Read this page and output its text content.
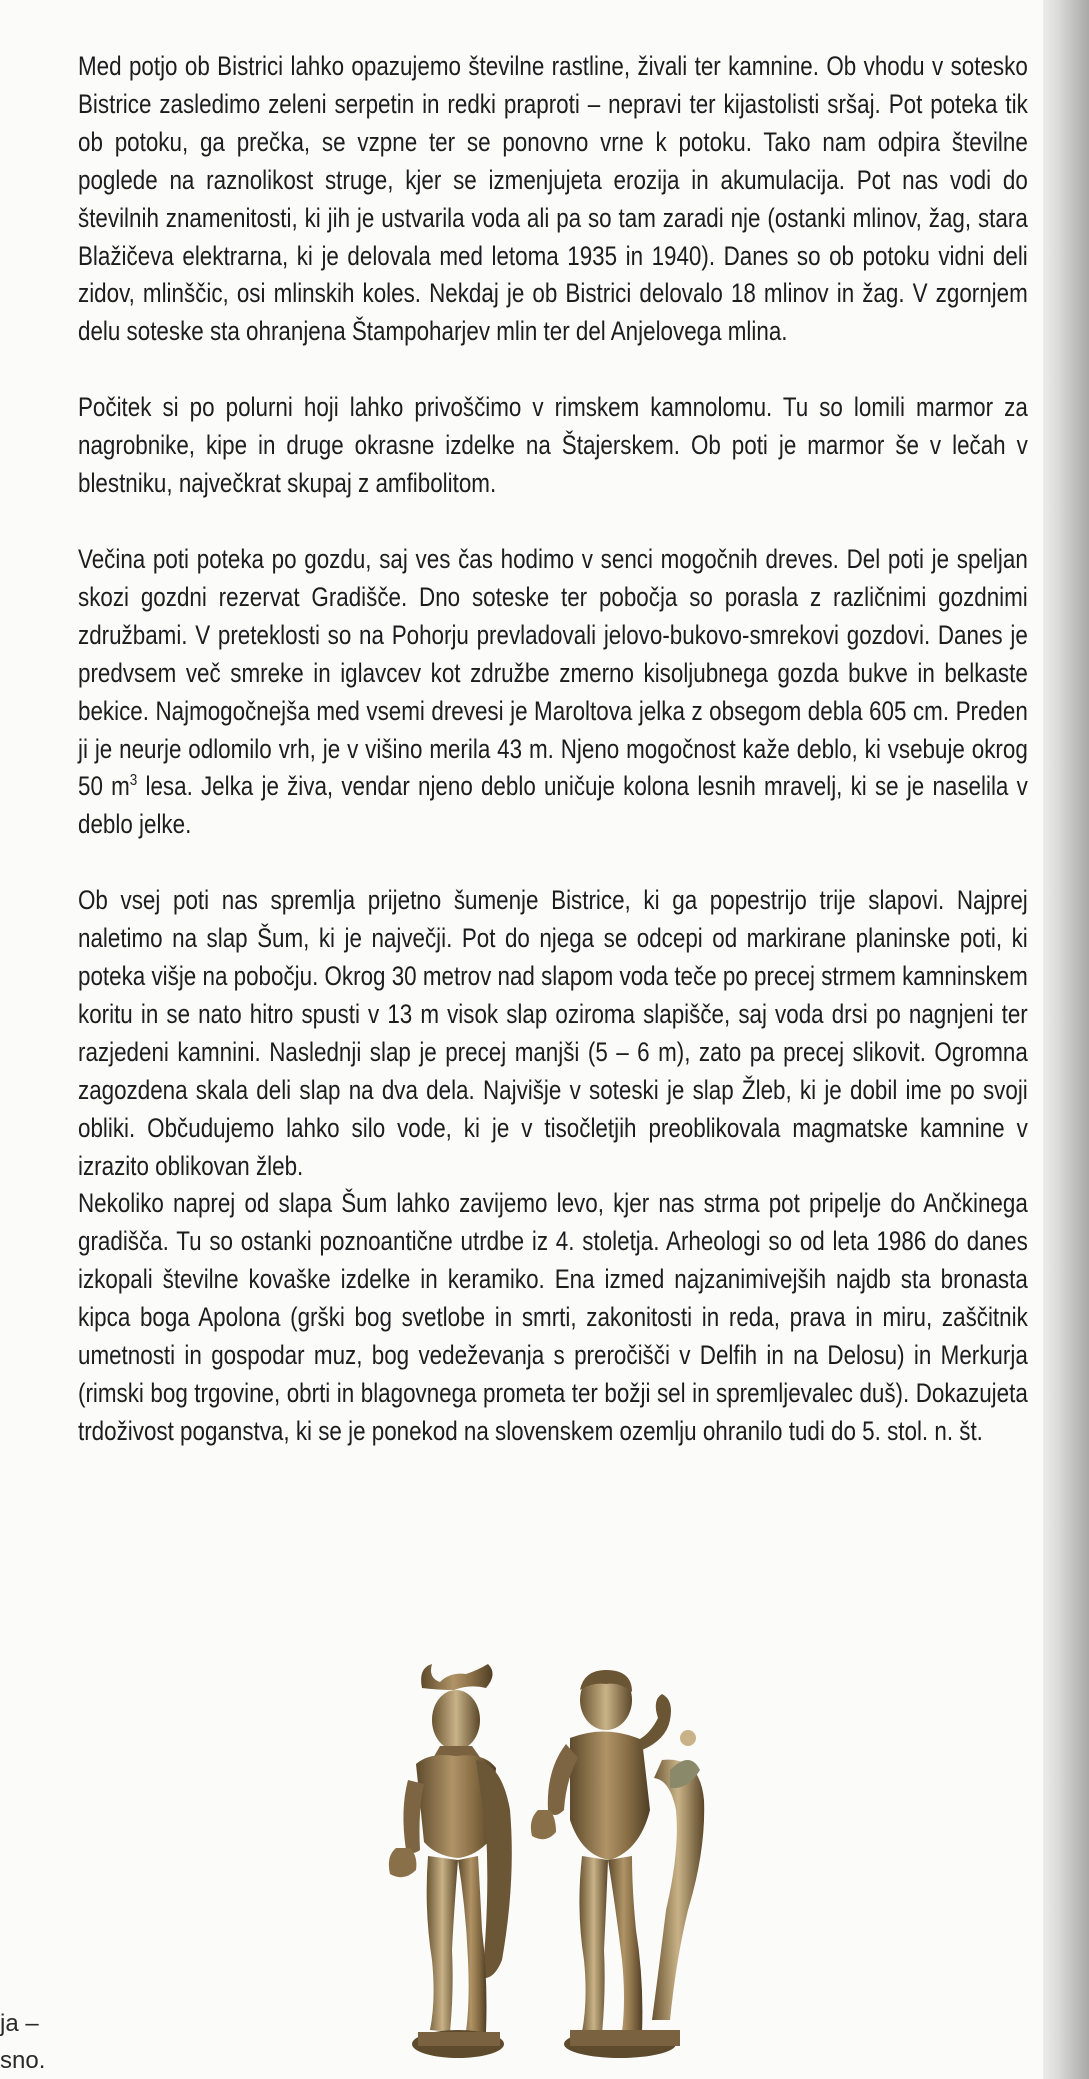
Med potjo ob Bistrici lahko opazujemo številne rastline, živali ter kamnine. Ob vhodu v sotesko Bistrice zasledimo zeleni serpetin in redki praproti – nepravi ter kijastolisti sršaj. Pot poteka tik ob potoku, ga prečka, se vzpne ter se ponovno vrne k potoku. Tako nam odpira številne poglede na raznolikost struge, kjer se izmenjujeta erozija in akumulacija. Pot nas vodi do številnih znamenitosti, ki jih je ustvarila voda ali pa so tam zaradi nje (ostanki mlinov, žag, stara Blažičeva elektrarna, ki je delovala med letoma 1935 in 1940). Danes so ob potoku vidni deli zidov, mlinščic, osi mlinskih koles. Nekdaj je ob Bistrici delovalo 18 mlinov in žag. V zgornjem delu soteske sta ohranjena Štampoharjev mlin ter del Anjelovega mlina.

Počitek si po polurni hoji lahko privoščimo v rimskem kamnolomu. Tu so lomili marmor za nagrobnike, kipe in druge okrasne izdelke na Štajerskem. Ob poti je marmor še v lečah v blestniku, največkrat skupaj z amfibolitom.

Večina poti poteka po gozdu, saj ves čas hodimo v senci mogočnih dreves. Del poti je speljan skozi gozdni rezervat Gradišče. Dno soteske ter pobočja so porasla z različnimi gozdnimi združbami. V preteklosti so na Pohorju prevladovali jelovo-bukovo-smrekovi gozdovi. Danes je predvsem več smreke in iglavcev kot združbe zmerno kisoljubnega gozda bukve in belkaste bekice. Najmogočnejša med vsemi drevesi je Maroltova jelka z obsegom debla 605 cm. Preden ji je neurje odlomilo vrh, je v višino merila 43 m. Njeno mogočnost kaže deblo, ki vsebuje okrog 50 $m^3$ lesa. Jelka je živa, vendar njeno deblo uničuje kolona lesnih mravelj, ki se je naselila v deblo jelke.

Ob vsej poti nas spremlja prijetno šumenje Bistrice, ki ga popestrijo trije slapovi. Najprej naletimo na slap Šum, ki je največji. Pot do njega se odcepi od markirane planinske poti, ki poteka višje na pobočju. Okrog 30 metrov nad slapom voda teče po precej strmem kamninskem koritu in se nato hitro spusti v 13 m visok slap oziroma slapišče, saj voda drsi po nagnjeni ter razjedeni kamnini. Naslednji slap je precej manjši (5 – 6 m), zato pa precej slikovit. Ogromna zagozdena skala deli slap na dva dela. Najvišje v soteski je slap Žleb, ki je dobil ime po svoji obliki. Občudujemo lahko silo vode, ki je v tisočletjih preoblikovala magmatske kamnine v izrazito oblikovan žleb.

Nekoliko naprej od slapa Šum lahko zavijemo levo, kjer nas strma pot pripelje do Ančkinega gradišča. Tu so ostanki poznoantične utrdbe iz 4. stoletja. Arheologi so od leta 1986 do danes izkopali številne kovaške izdelke in keramiko. Ena izmed najzanimivejših najdb sta bronasta kipca boga Apolona (grški bog svetlobe in smrti, zakonitosti in reda, prava in miru, zaščitnik umetnosti in gospodar muz, bog vedeževanja s preročišči v Delfih in na Delosu) in Merkurja (rimski bog trgovine, obrti in blagovnega prometa ter božji sel in spremljevalec duš). Dokazujeta trdoživost poganstva, ki se je ponekod na slovenskem ozemlju ohranilo tudi do 5. stol. n. št.

ja –
sno.
